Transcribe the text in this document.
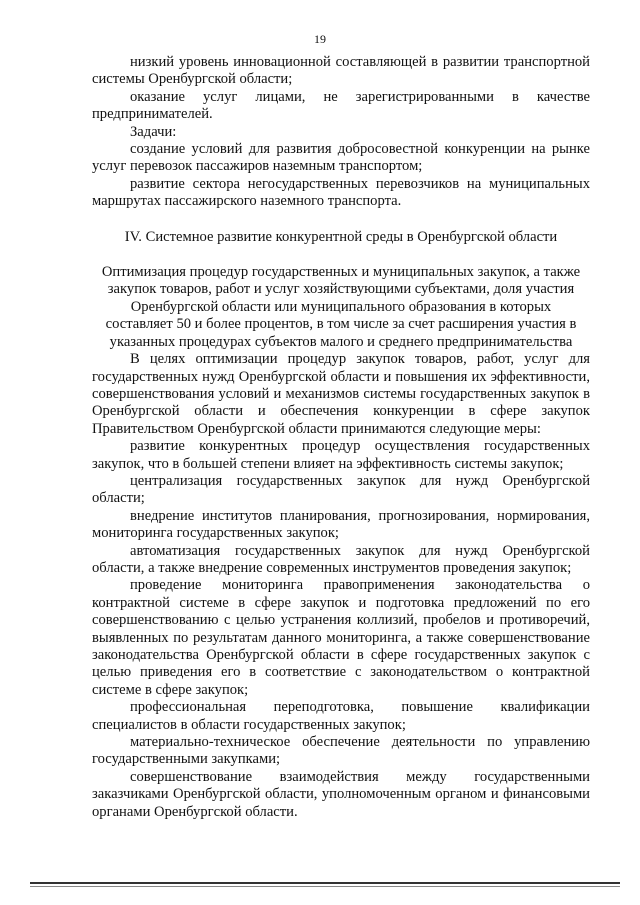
19

низкий уровень инновационной составляющей в развитии транспортной системы Оренбургской области;

оказание услуг лицами, не зарегистрированными в качестве предпринимателей.

Задачи:

создание условий для развития добросовестной конкуренции на рынке услуг перевозок пассажиров наземным транспортом;

развитие сектора негосударственных перевозчиков на муниципальных маршрутах пассажирского наземного транспорта.

IV. Системное развитие конкурентной среды в Оренбургской области

Оптимизация процедур государственных и муниципальных закупок, а также

закупок товаров, работ и услуг хозяйствующими субъектами, доля участия

Оренбургской области или муниципального образования в которых

составляет 50 и более процентов, в том числе за счет расширения участия в

указанных процедурах субъектов малого и среднего предпринимательства

В целях оптимизации процедур закупок товаров, работ, услуг для государственных нужд Оренбургской области и повышения их эффективности, совершенствования условий и механизмов системы государственных закупок в Оренбургской области и обеспечения конкуренции в сфере закупок Правительством Оренбургской области принимаются следующие меры:

развитие конкурентных процедур осуществления государственных закупок, что в большей степени влияет на эффективность системы закупок;

централизация государственных закупок для нужд Оренбургской области;

внедрение институтов планирования, прогнозирования, нормирования, мониторинга государственных закупок;

автоматизация государственных закупок для нужд Оренбургской области, а также внедрение современных инструментов проведения закупок;

проведение мониторинга правоприменения законодательства о контрактной системе в сфере закупок и подготовка предложений по его совершенствованию с целью устранения коллизий, пробелов и противоречий, выявленных по результатам данного мониторинга, а также совершенствование законодательства Оренбургской области в сфере государственных закупок с целью приведения его в соответствие с законодательством о контрактной системе в сфере закупок;

профессиональная переподготовка, повышение квалификации специалистов в области государственных закупок;

материально-техническое обеспечение деятельности по управлению государственными закупками;

совершенствование взаимодействия между государственными заказчиками Оренбургской области, уполномоченным органом и финансовыми органами Оренбургской области.
